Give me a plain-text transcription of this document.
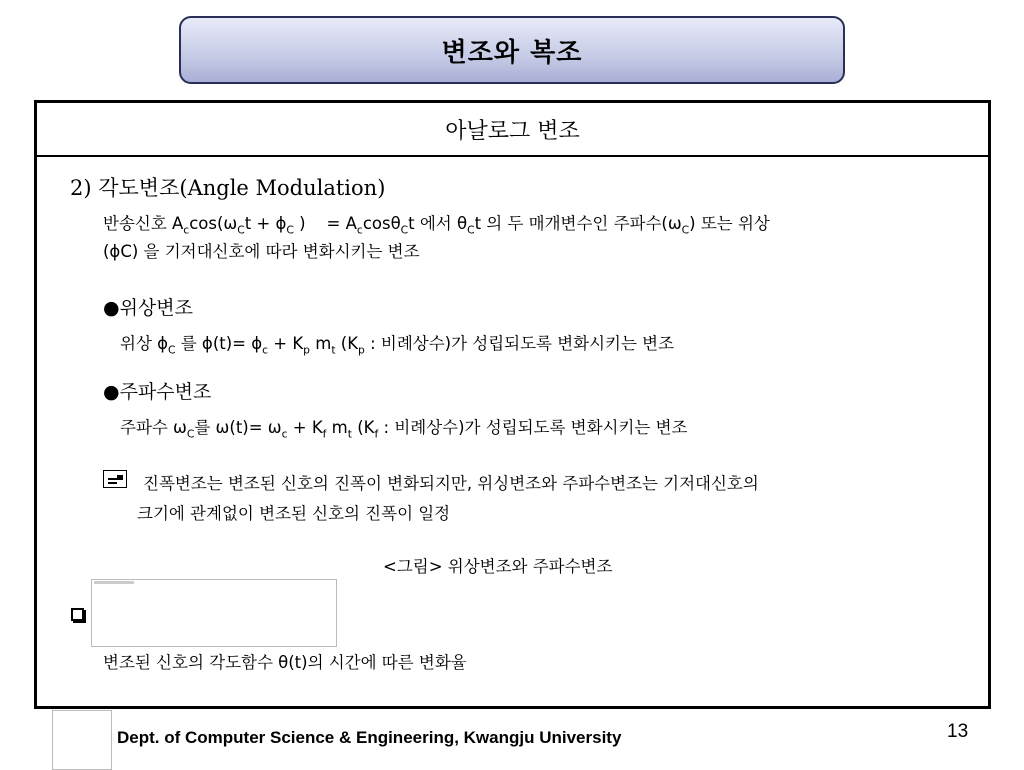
변조와 복조
아날로그 변조
2) 각도변조(Angle Modulation)
반송신호 $A_c\cos(\omega_Ct + \phi_C$ )    = $A_c\cos\theta_Ct$ 에서 $\theta_Ct$ 의 두 매개변수인 주파수$(\omega_C)$ 또는 위상
(ϕC) 을 기저대신호에 따라 변화시키는 변조
●위상변조
위상 $\phi_C$ 를 $\phi(t)= \phi_c + K_p$ $m_t$ ($K_p$ : 비례상수)가 성립되도록 변화시키는 변조
●주파수변조
주파수 $\omega_C$를 $\omega(t)= \omega_c + K_f$ $m_t$ ($K_f$ : 비례상수)가 성립되도록 변화시키는 변조
진폭변조는 변조된 신호의 진폭이 변화되지만, 위싱변조와 주파수변조는 기저대신호의
크기에 관계없이 변조된 신호의 진폭이 일정
<그림> 위상변조와 주파수변조
변조된 신호의 각도함수 θ(t)의 시간에 따른 변화율
Dept. of Computer Science & Engineering, Kwangju University	13
